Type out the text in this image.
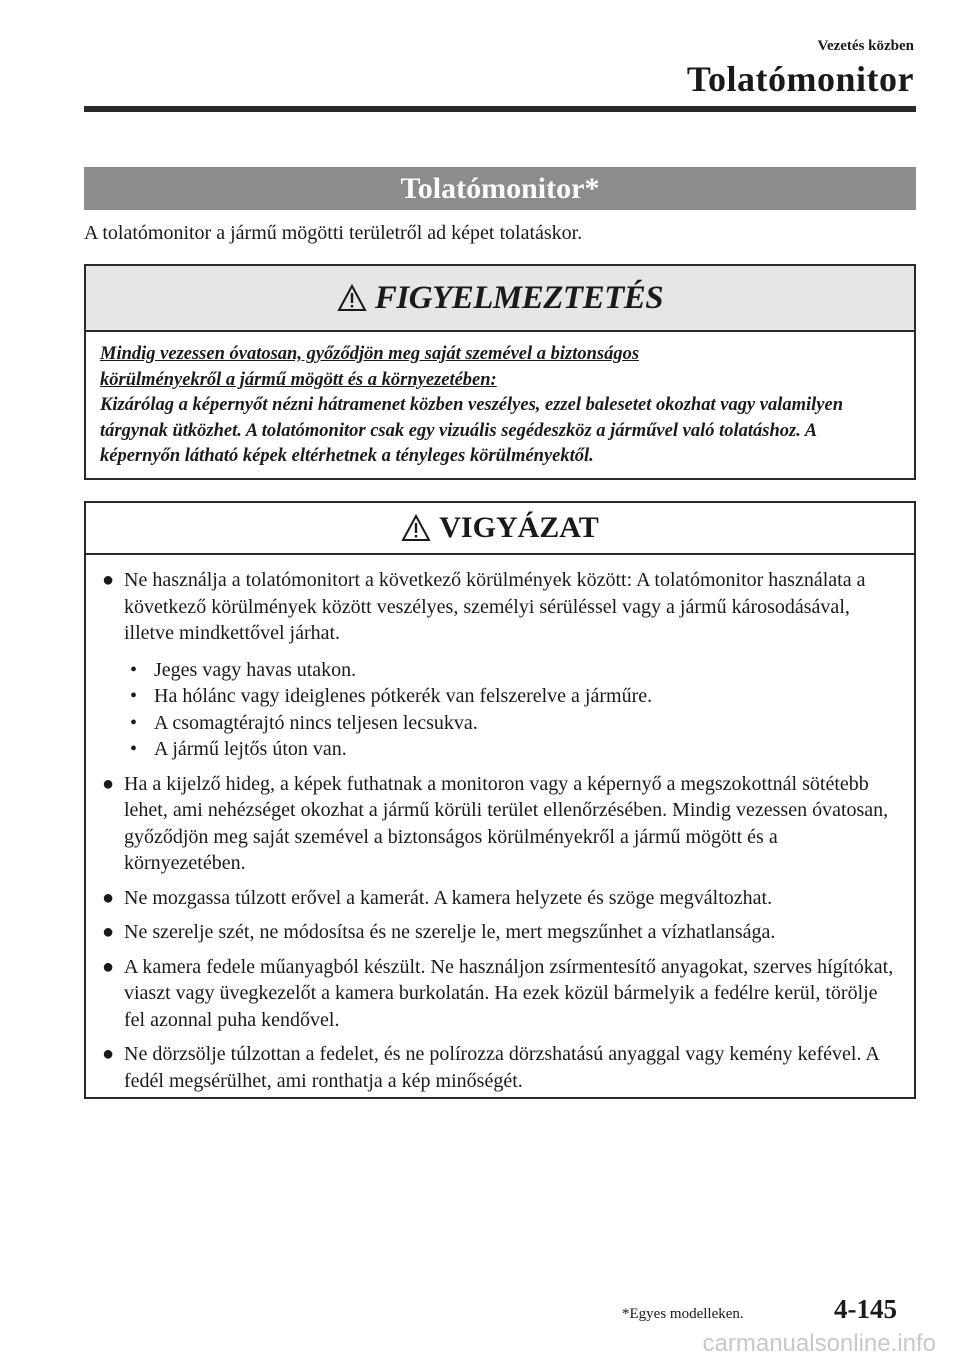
Vezetés közben
Tolatómonitor
Tolatómonitor*
A tolatómonitor a jármű mögötti területről ad képet tolatáskor.
FIGYELMEZTETÉS
Mindig vezessen óvatosan, győződjön meg saját szemével a biztonságos
körülményekről a jármű mögött és a környezetében:
Kizárólag a képernyőt nézni hátramenet közben veszélyes, ezzel balesetet okozhat vagy valamilyen tárgynak ütközhet. A tolatómonitor csak egy vizuális segédeszköz a járművel való tolatáshoz. A képernyőn látható képek eltérhetnek a tényleges körülményektől.
VIGYÁZAT
● Ne használja a tolatómonitort a következő körülmények között: A tolatómonitor használata a következő körülmények között veszélyes, személyi sérüléssel vagy a jármű károsodásával, illetve mindkettővel járhat.
• Jeges vagy havas utakon.
• Ha hólánc vagy ideiglenes pótkerék van felszerelve a járműre.
• A csomagtérajtó nincs teljesen lecsukva.
• A jármű lejtős úton van.
● Ha a kijelző hideg, a képek futhatnak a monitoron vagy a képernyő a megszokottnál sötétebb lehet, ami nehézséget okozhat a jármű körüli terület ellenőrzésében. Mindig vezessen óvatosan, győződjön meg saját szemével a biztonságos körülményekről a jármű mögött és a környezetében.
● Ne mozgassa túlzott erővel a kamerát. A kamera helyzete és szöge megváltozhat.
● Ne szerelje szét, ne módosítsa és ne szerelje le, mert megszűnhet a vízhatlansága.
● A kamera fedele műanyagból készült. Ne használjon zsírmentesítő anyagokat, szerves hígítókat, viaszt vagy üvegkezelőt a kamera burkolatán. Ha ezek közül bármelyik a fedélre kerül, törölje fel azonnal puha kendővel.
● Ne dörzsölje túlzottan a fedelet, és ne polírozza dörzshatású anyaggal vagy kemény kefével. A fedél megsérülhet, ami ronthatja a kép minőségét.
*Egyes modelleken.	4-145
carmanualsonline.info
